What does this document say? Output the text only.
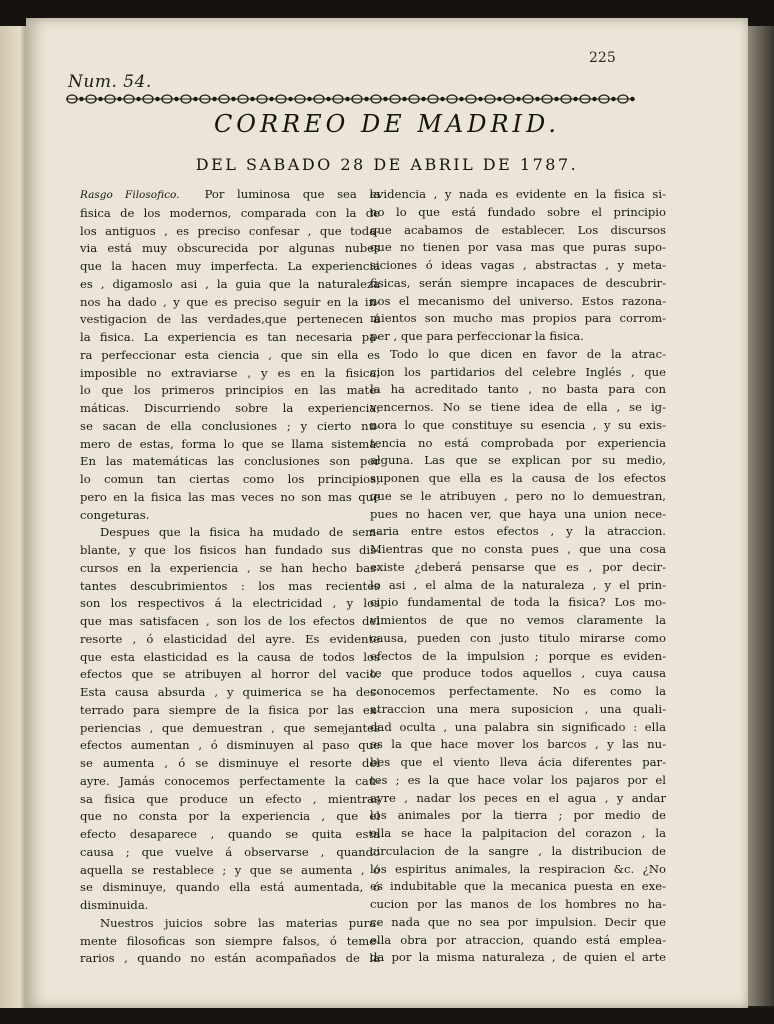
Num. 54.
225
CORREO DE MADRID.
DEL SABADO 28 DE ABRIL DE 1787.
Rasgo Filosofico. Por luminosa que sea la
fisica de los modernos, comparada con la de
los antiguos , es preciso confesar , que toda-
via está muy obscurecida por algunas nubes
que la hacen muy imperfecta. La experiencia
es , digamoslo asi , la guia que la naturaleza
nos ha dado , y que es preciso seguir en la in-
vestigacion de las verdades,que pertenecen á
la fisica. La experiencia es tan necesaria pa-
ra perfeccionar esta ciencia , que sin ella es
imposible no extraviarse , y es en la fisica,
lo que los primeros principios en las mate-
máticas. Discurriendo sobre la experiencia,
se sacan de ella conclusiones ; y cierto nu-
mero de estas, forma lo que se llama sistema.
En las matemáticas las conclusiones son por
lo comun tan ciertas como los principios;
pero en la fisica las mas veces no son mas que
congeturas.
Despues que la fisica ha mudado de sem-
blante, y que los fisicos han fundado sus dis-
cursos en la experiencia , se han hecho bas-
tantes descubrimientos : los mas recientes
son los respectivos á la electricidad , y los
que mas satisfacen , son los de los efectos del
resorte , ó elasticidad del ayre. Es evidente
que esta elasticidad es la causa de todos los
efectos que se atribuyen al horror del vacio.
Esta causa absurda , y quimerica se ha des-
terrado para siempre de la fisica por las ex-
periencias , que demuestran , que semejantes
efectos aumentan , ó disminuyen al paso que
se aumenta , ó se disminuye el resorte del
ayre. Jamás conocemos perfectamente la cau-
sa fisica que produce un efecto , mientras
que no consta por la experiencia , que el
efecto desaparece , quando se quita esta
causa ; que vuelve á observarse , quando
aquella se restablece ; y que se aumenta , ó
se disminuye, quando ella está aumentada, ó
disminuida.
Nuestros juicios sobre las materias pura-
mente filosoficas son siempre falsos, ó teme-
rarios , quando no están acompañados de la
evidencia , y nada es evidente en la fisica si-
no lo que está fundado sobre el principio
que acabamos de establecer. Los discursos
que no tienen por vasa mas que puras supo-
siciones ó ideas vagas , abstractas , y meta-
fisicas, serán siempre incapaces de descubrir-
nos el mecanismo del universo. Estos razona-
mientos son mucho mas propios para corrom-
per , que para perfeccionar la fisica.
Todo lo que dicen en favor de la atrac-
cion los partidarios del celebre Inglés , que
la ha acreditado tanto , no basta para con
vencernos. No se tiene idea de ella , se ig-
nora lo que constituye su esencia , y su exis-
tencia no está comprobada por experiencia
alguna. Las que se explican por su medio,
suponen que ella es la causa de los efectos
que se le atribuyen , pero no lo demuestran,
pues no hacen ver, que haya una union nece-
saria entre estos efectos , y la atraccion.
Mientras que no consta pues , que una cosa
existe ¿deberá pensarse que es , por decir-
lo asi , el alma de la naturaleza , y el prin-
cipio fundamental de toda la fisica? Los mo-
vimientos de que no vemos claramente la
causa, pueden con justo titulo mirarse como
efectos de la impulsion ; porque es eviden-
te que produce todos aquellos , cuya causa
conocemos perfectamente. No es como la
atraccion una mera suposicion , una quali-
dad oculta , una palabra sin significado : ella
es la que hace mover los barcos , y las nu-
bes que el viento lleva ácia diferentes par-
tes ; es la que hace volar los pajaros por el
ayre , nadar los peces en el agua , y andar
los animales por la tierra ; por medio de
ella se hace la palpitacion del corazon , la
circulacion de la sangre , la distribucion de
los espiritus animales, la respiracion &c. ¿No
es indubitable que la mecanica puesta en exe-
cucion por las manos de los hombres no ha-
ce nada que no sea por impulsion. Decir que
ella obra por atraccion, quando está emplea-
da por la misma naturaleza , de quien el arte
